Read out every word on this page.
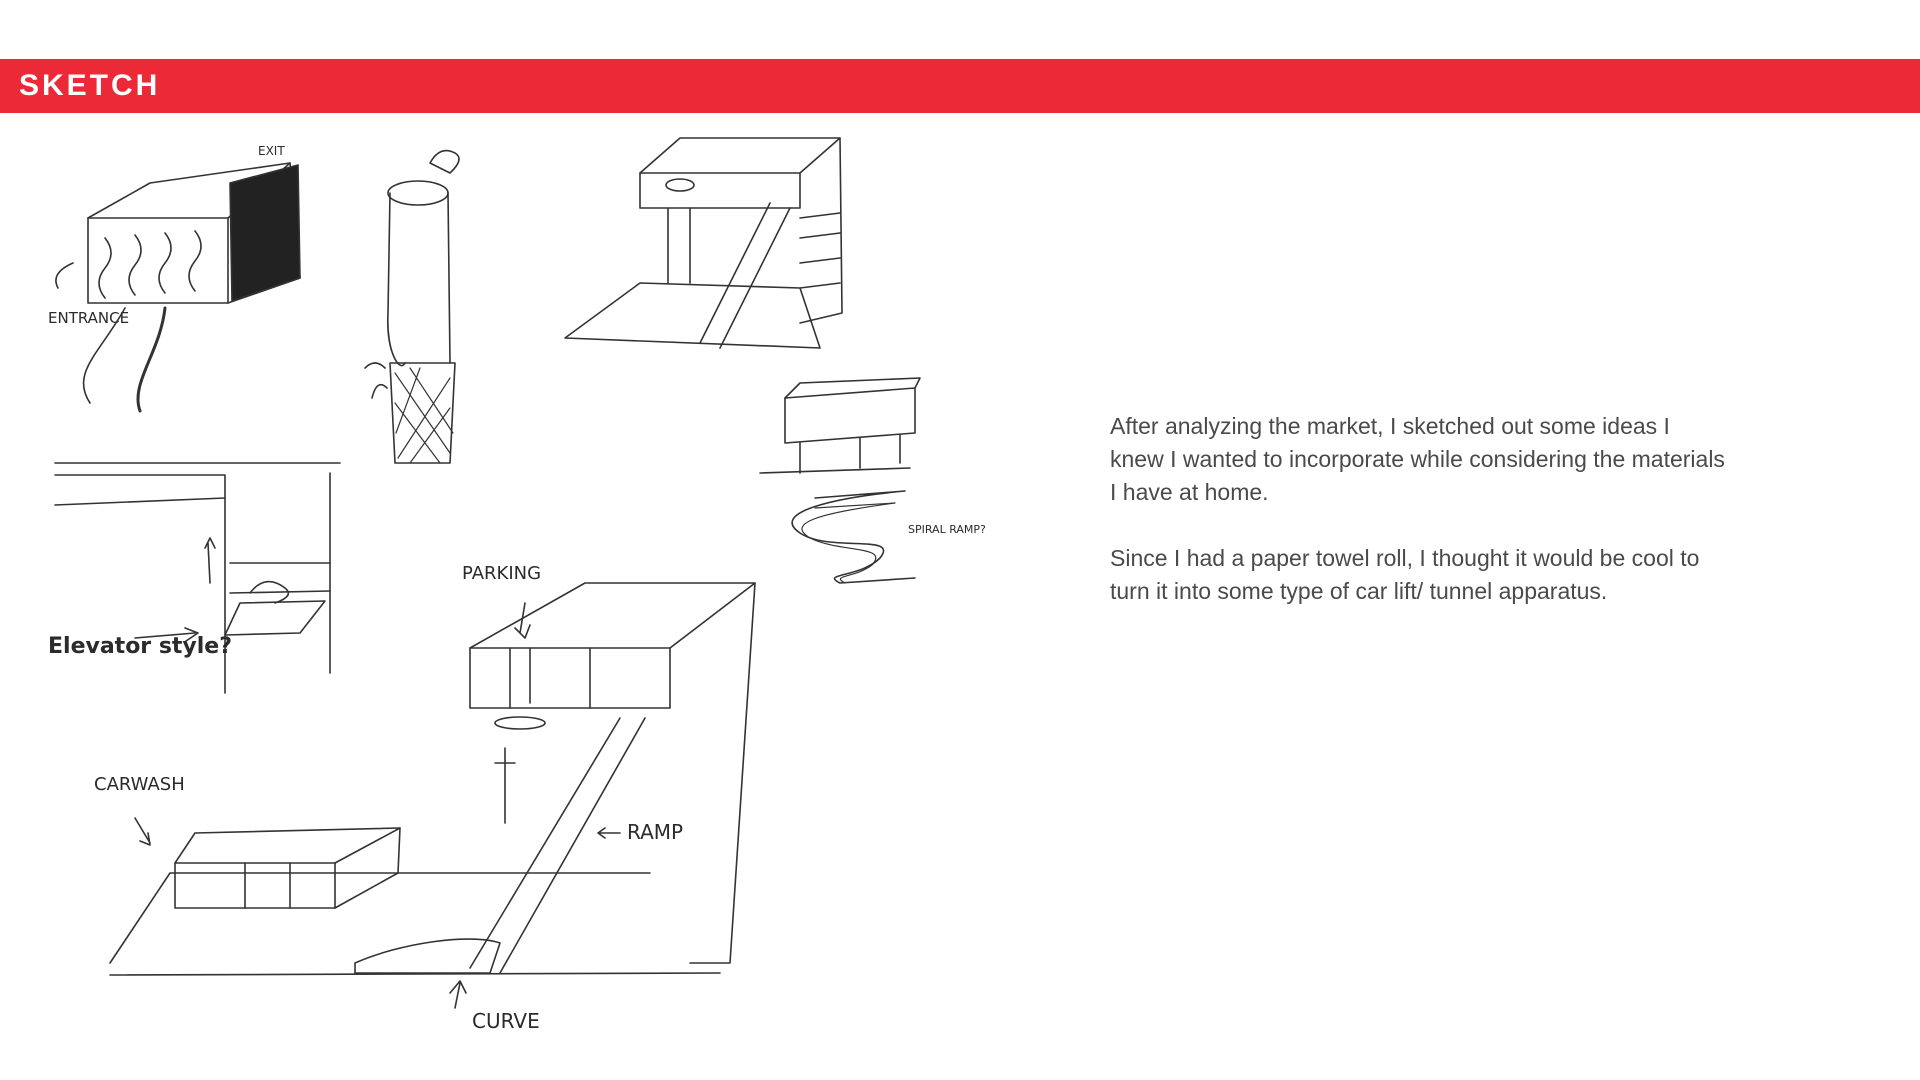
SKETCH
EXIT
ENTRANCE
SPIRAL RAMP?
Elevator style?
PARKING
CARWASH
RAMP
CURVE

After analyzing the market, I sketched out some ideas I knew I wanted to incorporate while considering the materials I have at home.

Since I had a paper towel roll, I thought it would be cool to turn it into some type of car lift/ tunnel apparatus.
